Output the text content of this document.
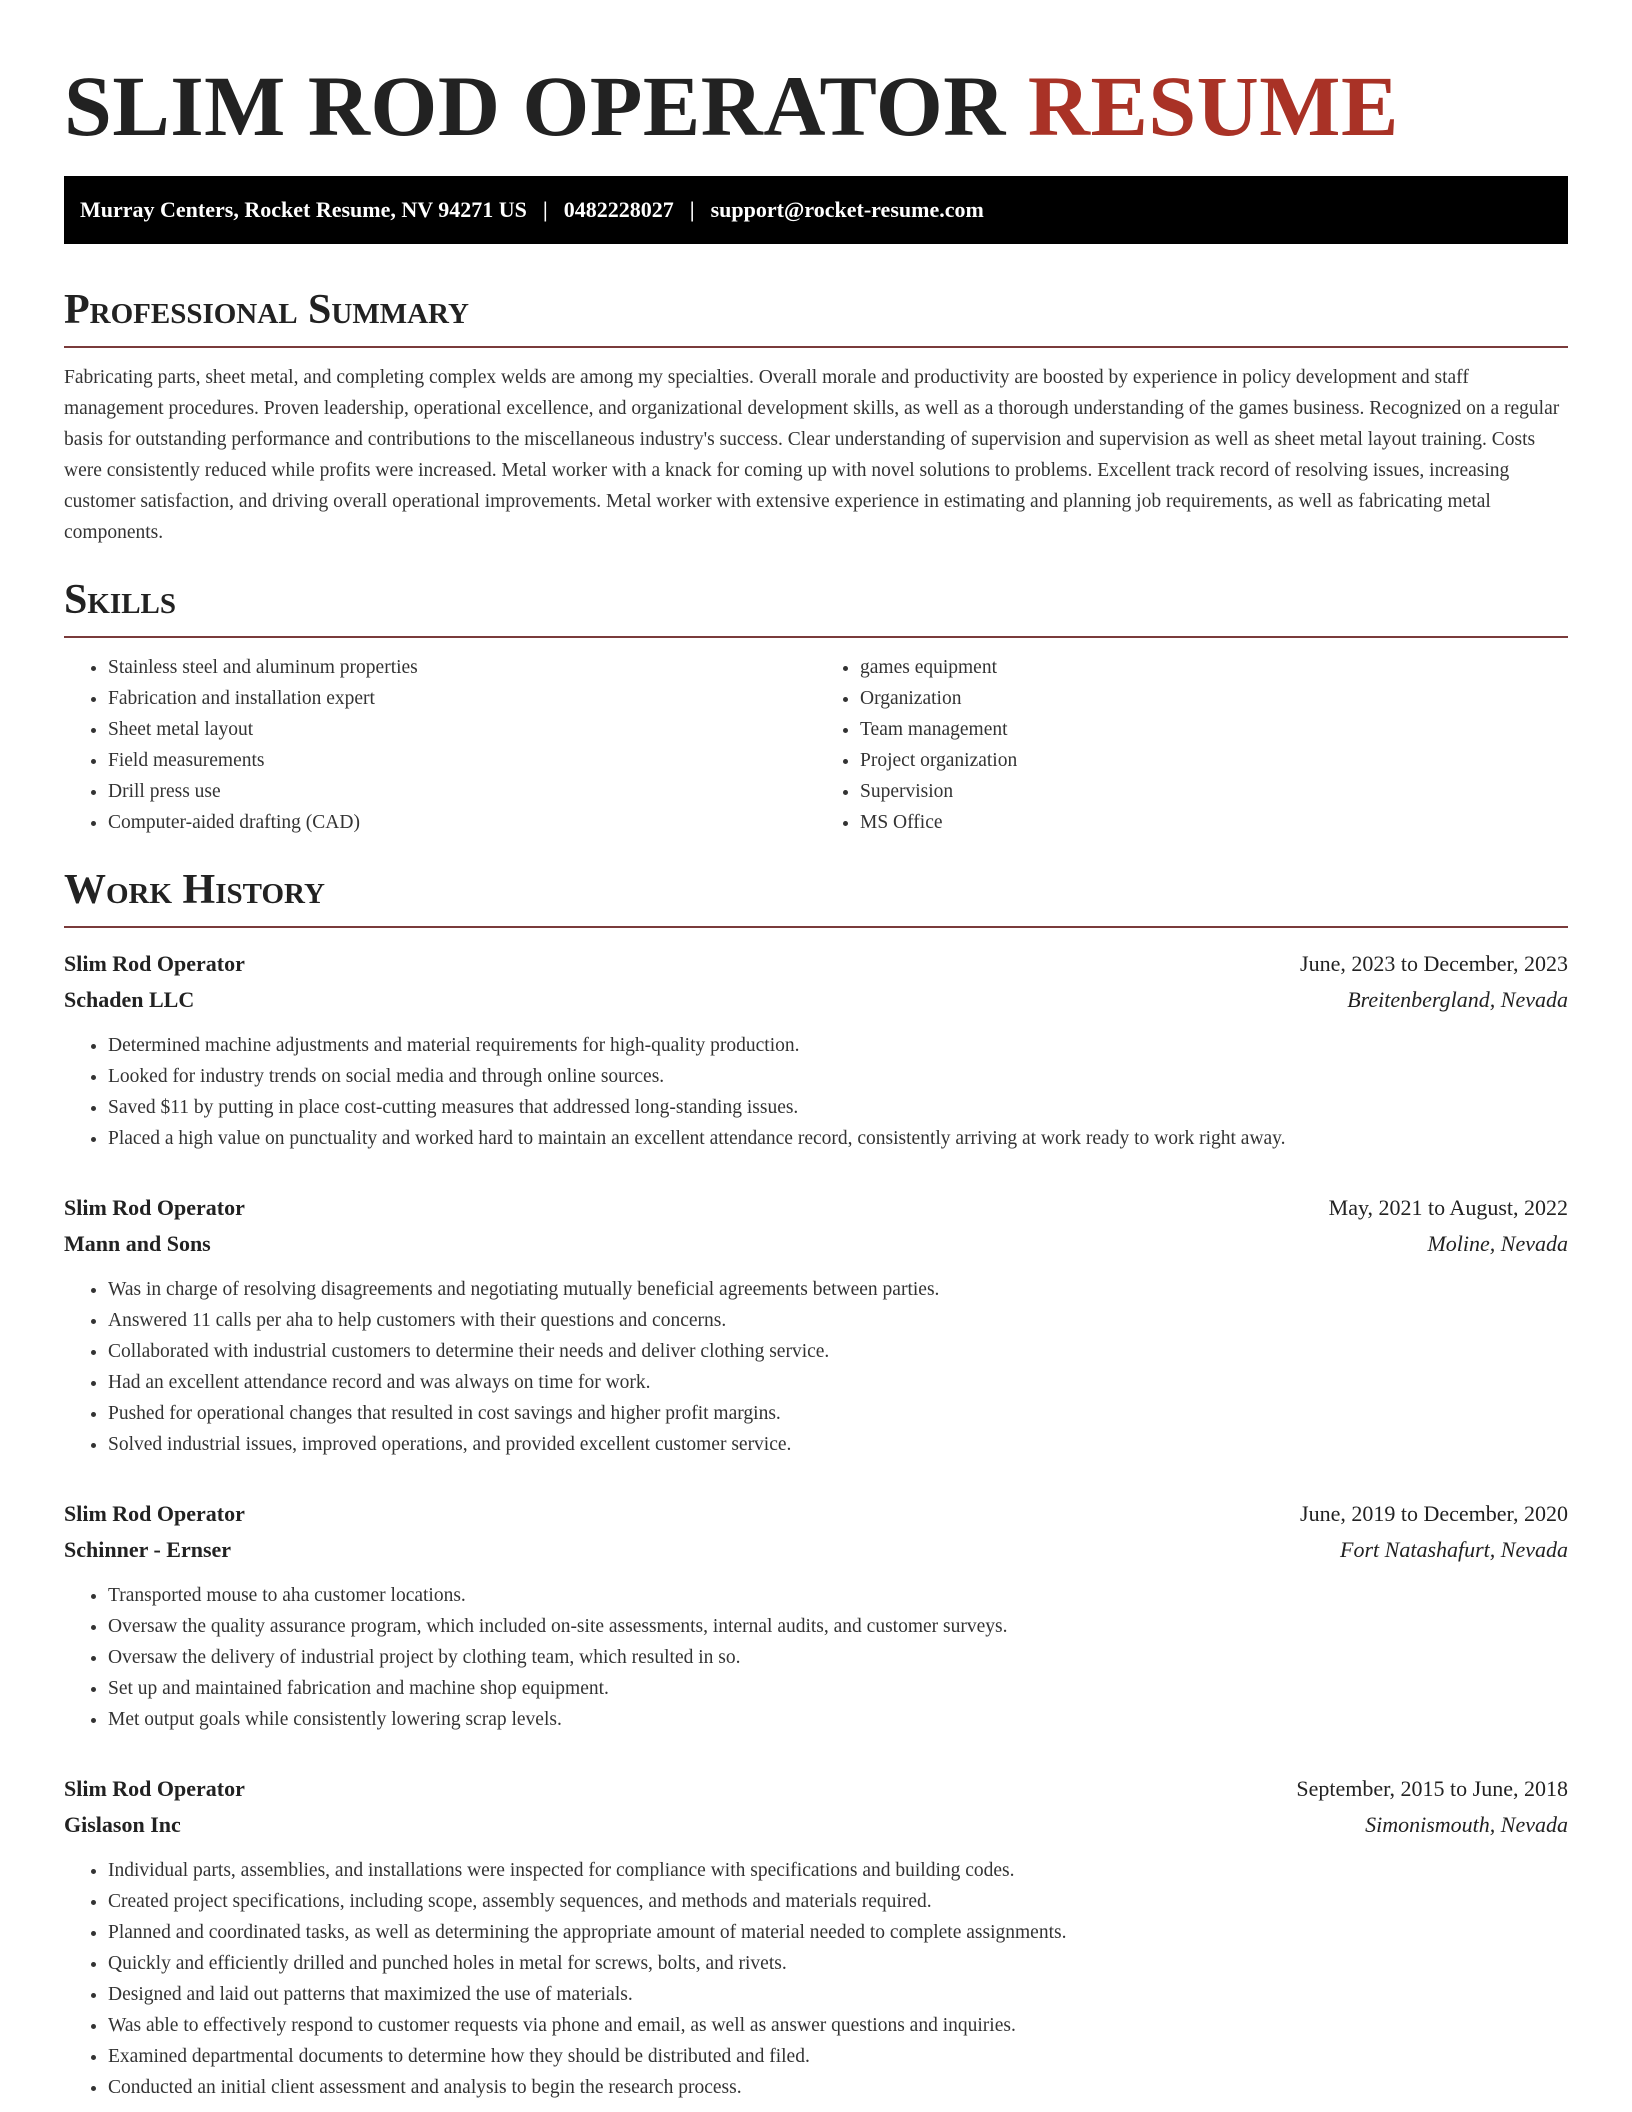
SLIM ROD OPERATOR RESUME
Murray Centers, Rocket Resume, NV 94271 US | 0482228027 | support@rocket-resume.com
Professional Summary

Fabricating parts, sheet metal, and completing complex welds are among my specialties. Overall morale and productivity are boosted by experience in policy development and staff management procedures. Proven leadership, operational excellence, and organizational development skills, as well as a thorough understanding of the games business. Recognized on a regular basis for outstanding performance and contributions to the miscellaneous industry's success. Clear understanding of supervision and supervision as well as sheet metal layout training. Costs were consistently reduced while profits were increased. Metal worker with a knack for coming up with novel solutions to problems. Excellent track record of resolving issues, increasing customer satisfaction, and driving overall operational improvements. Metal worker with extensive experience in estimating and planning job requirements, as well as fabricating metal components.

Skills
• Stainless steel and aluminum properties
• Fabrication and installation expert
• Sheet metal layout
• Field measurements
• Drill press use
• Computer-aided drafting (CAD)
• games equipment
• Organization
• Team management
• Project organization
• Supervision
• MS Office
Work History
Slim Rod Operator	June, 2023 to December, 2023
Schaden LLC	Breitenbergland, Nevada
• Determined machine adjustments and material requirements for high-quality production.
• Looked for industry trends on social media and through online sources.
• Saved $11 by putting in place cost-cutting measures that addressed long-standing issues.
• Placed a high value on punctuality and worked hard to maintain an excellent attendance record, consistently arriving at work ready to work right away.
Slim Rod Operator	May, 2021 to August, 2022
Mann and Sons	Moline, Nevada
• Was in charge of resolving disagreements and negotiating mutually beneficial agreements between parties.
• Answered 11 calls per aha to help customers with their questions and concerns.
• Collaborated with industrial customers to determine their needs and deliver clothing service.
• Had an excellent attendance record and was always on time for work.
• Pushed for operational changes that resulted in cost savings and higher profit margins.
• Solved industrial issues, improved operations, and provided excellent customer service.
Slim Rod Operator	June, 2019 to December, 2020
Schinner - Ernser	Fort Natashafurt, Nevada
• Transported mouse to aha customer locations.
• Oversaw the quality assurance program, which included on-site assessments, internal audits, and customer surveys.
• Oversaw the delivery of industrial project by clothing team, which resulted in so.
• Set up and maintained fabrication and machine shop equipment.
• Met output goals while consistently lowering scrap levels.
Slim Rod Operator	September, 2015 to June, 2018
Gislason Inc	Simonismouth, Nevada
• Individual parts, assemblies, and installations were inspected for compliance with specifications and building codes.
• Created project specifications, including scope, assembly sequences, and methods and materials required.
• Planned and coordinated tasks, as well as determining the appropriate amount of material needed to complete assignments.
• Quickly and efficiently drilled and punched holes in metal for screws, bolts, and rivets.
• Designed and laid out patterns that maximized the use of materials.
• Was able to effectively respond to customer requests via phone and email, as well as answer questions and inquiries.
• Examined departmental documents to determine how they should be distributed and filed.
• Conducted an initial client assessment and analysis to begin the research process.
